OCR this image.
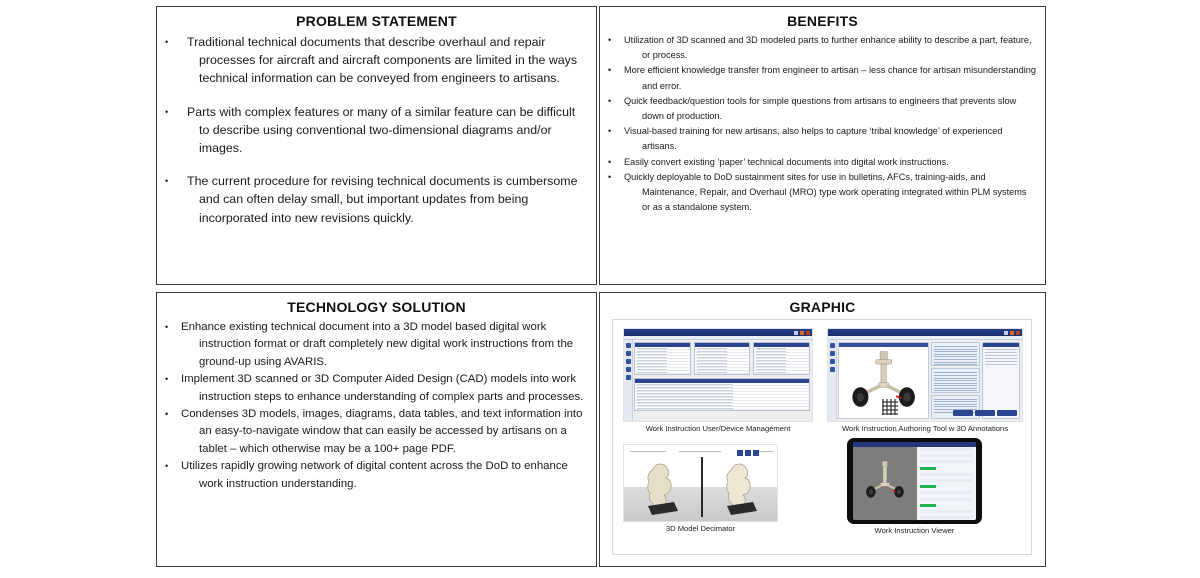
PROBLEM STATEMENT
• Traditional technical documents that describe overhaul and repair processes for aircraft and aircraft components are limited in the ways technical information can be conveyed from engineers to artisans.
• Parts with complex features or many of a similar feature can be difficult to describe using conventional two-dimensional diagrams and/or images.
• The current procedure for revising technical documents is cumbersome and can often delay small, but important updates from being incorporated into new revisions quickly.
BENEFITS
• Utilization of 3D scanned and 3D modeled parts to further enhance ability to describe a part, feature, or process.
• More efficient knowledge transfer from engineer to artisan – less chance for artisan misunderstanding and error.
• Quick feedback/question tools for simple questions from artisans to engineers that prevents slow down of production.
• Visual-based training for new artisans, also helps to capture ‘tribal knowledge’ of experienced artisans.
• Easily convert existing ‘paper’ technical documents into digital work instructions.
• Quickly deployable to DoD sustainment sites for use in bulletins, AFCs, training-aids, and Maintenance, Repair, and Overhaul (MRO) type work operating integrated within PLM systems or as a standalone system.
TECHNOLOGY SOLUTION
• Enhance existing technical document into a 3D model based digital work instruction format or draft completely new digital work instructions from the ground-up using AVARIS.
• Implement 3D scanned or 3D Computer Aided Design (CAD) models into work instruction steps to enhance understanding of complex parts and processes.
• Condenses 3D models, images, diagrams, data tables, and text information into an easy-to-navigate window that can easily be accessed by artisans on a tablet – which otherwise may be a 100+ page PDF.
• Utilizes rapidly growing network of digital content across the DoD to enhance work instruction understanding.
GRAPHIC
Work Instruction User/Device Management	Work Instruction Authoring Tool w 3D Annotations

3D Model Decimator	Work Instruction Viewer
